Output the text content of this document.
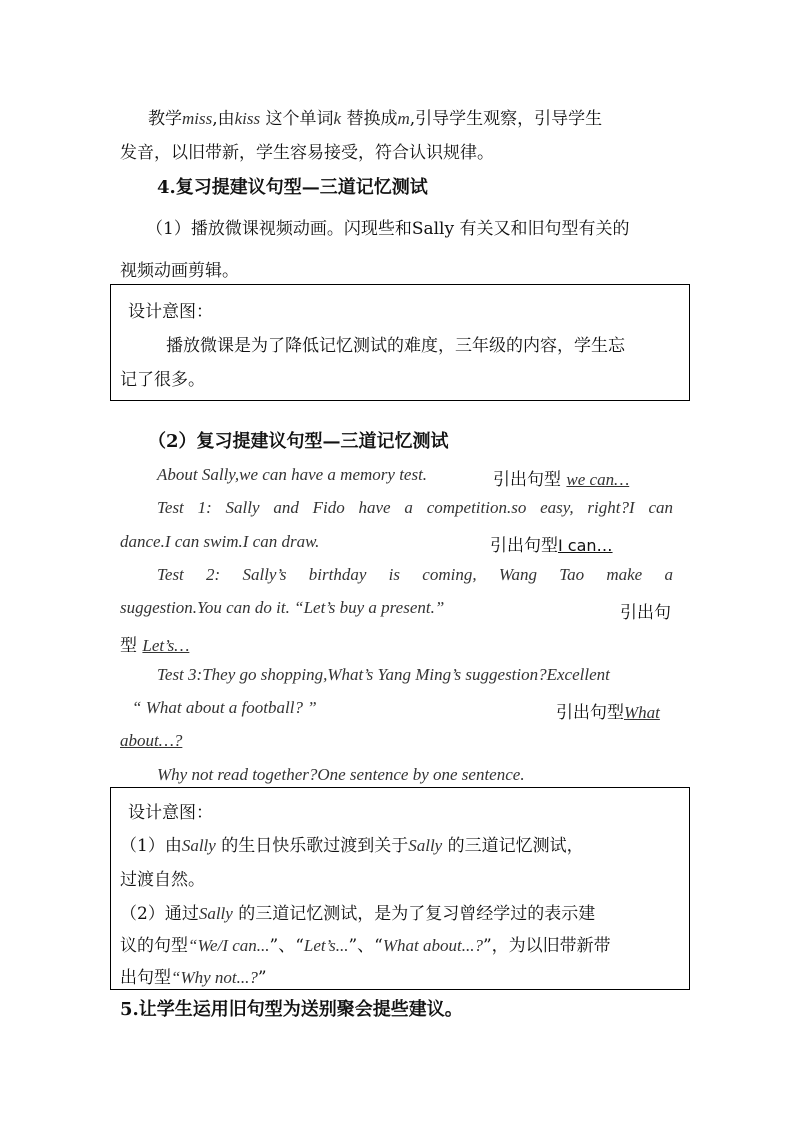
教学miss,由kiss 这个单词k 替换成m,引导学生观察，引导学生
发音，以旧带新，学生容易接受，符合认识规律。
4.复习提建议句型—三道记忆测试
（1）播放微课视频动画。闪现些和Sally 有关又和旧句型有关的
视频动画剪辑。
设计意图：
播放微课是为了降低记忆测试的难度，三年级的内容，学生忘
记了很多。
（2）复习提建议句型—三道记忆测试
About Sally,we can have a memory test.	引出句型 we can…
Test 1: Sally and Fido have a competition.so easy, right?I can
dance.I can swim.I can draw.	引出句型I can…
Test 2: Sally’s birthday is coming, Wang Tao make a
suggestion.You can do it. “Let’s buy a present.”	引出句
型 Let’s…
Test 3:They go shopping,What’s Yang Ming’s suggestion?Excellent
“ What about a football? ”	引出句型What
about…?
Why not read together?One sentence by one sentence.
设计意图：
（1）由Sally 的生日快乐歌过渡到关于Sally 的三道记忆测试，
过渡自然。
（2）通过Sally 的三道记忆测试，是为了复习曾经学过的表示建
议的句型“We/I can...”、“Let’s...”、“What about...?”，为以旧带新带
出句型“Why not...?”
5.让学生运用旧句型为送别聚会提些建议。
